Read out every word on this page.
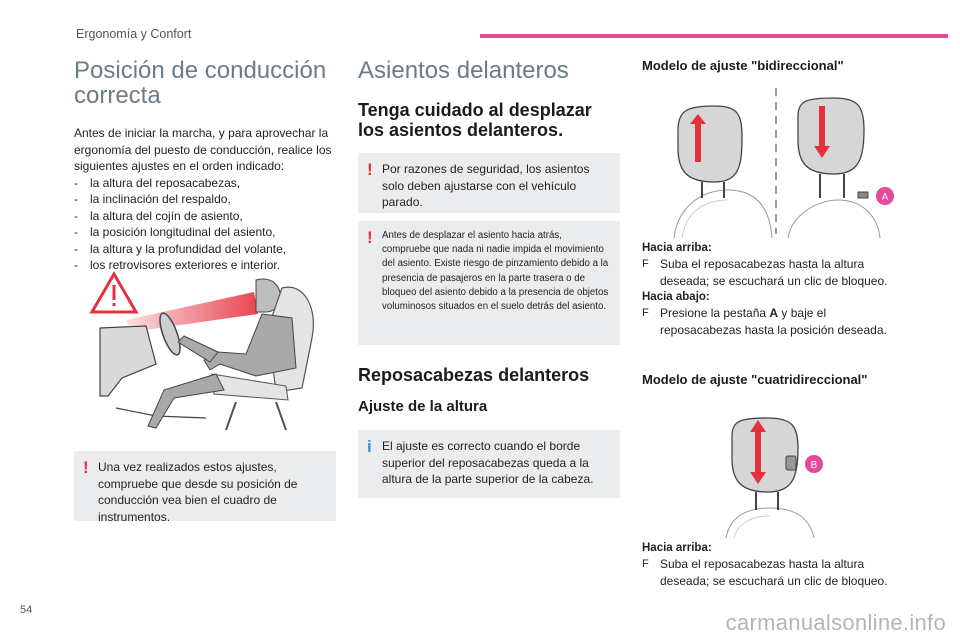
Ergonomía y Confort
Posición de conducción correcta

Antes de iniciar la marcha, y para aprovechar la ergonomía del puesto de conducción, realice los siguientes ajustes en el orden indicado:

-	la altura del reposacabezas,
-	la inclinación del respaldo,
-	la altura del cojín de asiento,
-	la posición longitudinal del asiento,
-	la altura y la profundidad del volante,
-	los retrovisores exteriores e interior.
! Una vez realizados estos ajustes, compruebe que desde su posición de conducción vea bien el cuadro de instrumentos.
Asientos delanteros
Tenga cuidado al desplazar los asientos delanteros.
! Por razones de seguridad, los asientos solo deben ajustarse con el vehículo parado.
! Antes de desplazar el asiento hacia atrás, compruebe que nada ni nadie impida el movimiento del asiento. Existe riesgo de pinzamiento debido a la presencia de pasajeros en la parte trasera o de bloqueo del asiento debido a la presencia de objetos voluminosos situados en el suelo detrás del asiento.
Reposacabezas delanteros
Ajuste de la altura
i El ajuste es correcto cuando el borde superior del reposacabezas queda a la altura de la parte superior de la cabeza.
Modelo de ajuste "bidireccional"
A
Hacia arriba:
F Suba el reposacabezas hasta la altura deseada; se escuchará un clic de bloqueo.
Hacia abajo:
F Presione la pestaña A y baje el reposacabezas hasta la posición deseada.
Modelo de ajuste "cuatridireccional"
B
Hacia arriba:
F Suba el reposacabezas hasta la altura deseada; se escuchará un clic de bloqueo.
54	carmanualsonline.info
